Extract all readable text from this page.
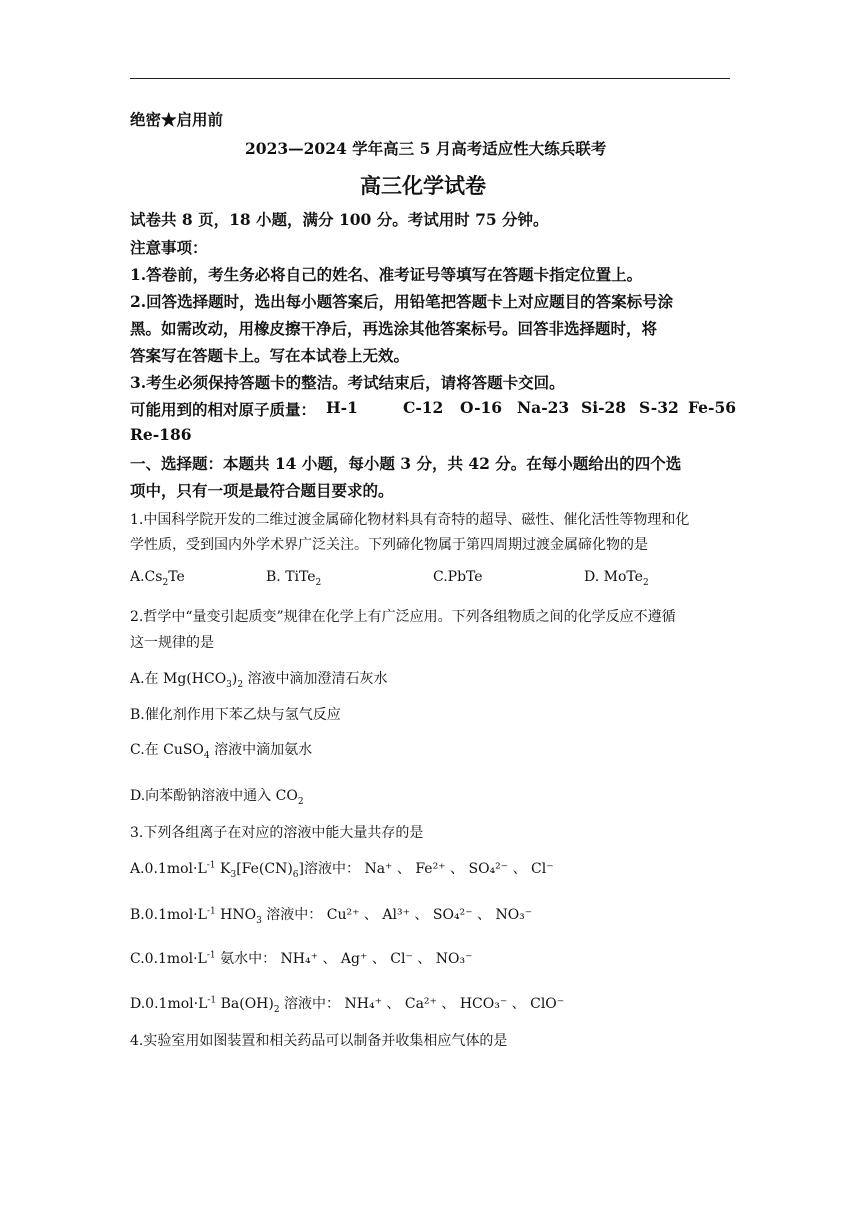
绝密★启用前
2023—2024 学年高三 5 月高考适应性大练兵联考
高三化学试卷
试卷共 8 页，18 小题，满分 100 分。考试用时 75 分钟。
注意事项：
1.答卷前，考生务必将自己的姓名、准考证号等填写在答题卡指定位置上。
2.回答选择题时，选出每小题答案后，用铅笔把答题卡上对应题目的答案标号涂
黑。如需改动，用橡皮擦干净后，再选涂其他答案标号。回答非选择题时，将
答案写在答题卡上。写在本试卷上无效。
3.考生必须保持答题卡的整洁。考试结束后，请将答题卡交回。
可能用到的相对原子质量： H-1	C-12 O-16 Na-23 Si-28 S-32 Fe-56
Re-186
一、选择题：本题共 14 小题，每小题 3 分，共 42 分。在每小题给出的四个选
项中，只有一项是最符合题目要求的。
1.中国科学院开发的二维过渡金属碲化物材料具有奇特的超导、磁性、催化活性等物理和化
学性质，受到国内外学术界广泛关注。下列碲化物属于第四周期过渡金属碲化物的是
$A.Cs_2Te$	B. TiTe$_2$	C.PbTe	D. MoTe$_2$
2.哲学中“量变引起质变”规律在化学上有广泛应用。下列各组物质之间的化学反应不遵循
这一规律的是
A.在 $Mg(HCO_3)_2$ 溶液中滴加澄清石灰水
B.催化剂作用下苯乙炔与氢气反应
C.在 CuSO$_4$ 溶液中滴加氨水
D.向苯酚钠溶液中通入 $CO_2$
3.下列各组离子在对应的溶液中能大量共存的是
$A.0.1mol\cdot L^{-1}$ $K_3[Fe(CN)_6]$溶液中： Na⁺ 、 Fe²⁺ 、 SO₄²⁻ 、 Cl⁻
$B.0.1mol\cdot L^{-1}$ $HNO_3$ 溶液中： Cu²⁺ 、 Al³⁺ 、 SO₄²⁻ 、 NO₃⁻
$C.0.1mol\cdot L^{-1}$ 氨水中： NH₄⁺ 、 Ag⁺ 、 Cl⁻ 、 NO₃⁻
$D.0.1mol\cdot L^{-1}$ $Ba(OH)_2$ 溶液中： NH₄⁺ 、 Ca²⁺ 、 HCO₃⁻ 、 ClO⁻
4.实验室用如图装置和相关药品可以制备并收集相应气体的是
